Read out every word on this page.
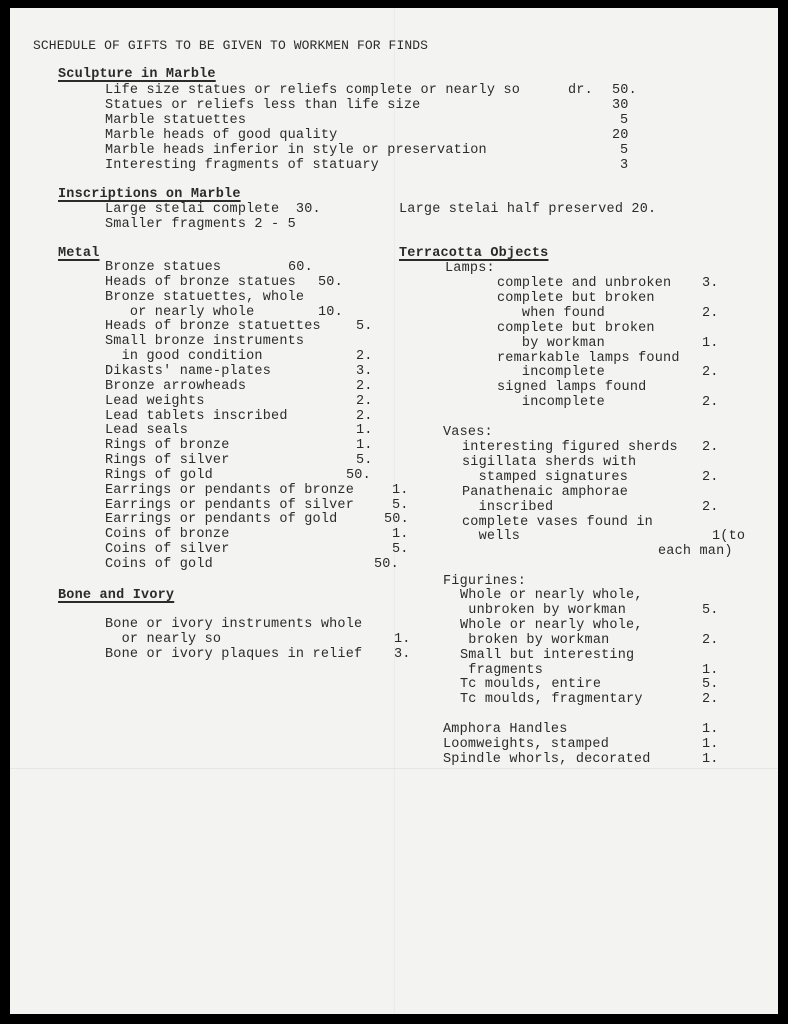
SCHEDULE OF GIFTS TO BE GIVEN TO WORKMEN FOR FINDS
Sculpture in Marble
Life size statues or reliefs complete or nearly so	dr. 50.
Statues or reliefs less than life size	30
Marble statuettes	5
Marble heads of good quality	20
Marble heads inferior in style or preservation	5
Interesting fragments of statuary	3
Inscriptions on Marble
Large stelai complete  30.	Large stelai half preserved 20.
Smaller fragments 2 - 5
Metal
Bronze statues	60.
Heads of bronze statues 50.
Bronze statuettes, whole
or nearly whole	10.
Heads of bronze statuettes	5.
Small bronze instruments
in good condition	2.
Dikasts' name-plates	3.
Bronze arrowheads	2.
Lead weights	2.
Lead tablets inscribed	2.
Lead seals	1.
Rings of bronze	1.
Rings of silver	5.
Rings of gold	50.
Earrings or pendants of bronze	1.
Earrings or pendants of silver	5.
Earrings or pendants of gold	50.
Coins of bronze	1.
Coins of silver	5.
Coins of gold	50.
Bone and Ivory
Bone or ivory instruments whole
or nearly so	1.
Bone or ivory plaques in relief 3.
Terracotta Objects
Lamps:
complete and unbroken 3.
complete but broken
when found	2.
complete but broken
by workman	1.
remarkable lamps found
incomplete	2.
signed lamps found
incomplete	2.
Vases:
interesting figured sherds 2.
sigillata sherds with
stamped signatures	2.
Panathenaic amphorae
inscribed	2.
complete vases found in
wells	1(to
each man)
Figurines:
Whole or nearly whole,
unbroken by workman	5.
Whole or nearly whole,
broken by workman	2.
Small but interesting
fragments	1.
Tc moulds, entire	5.
Tc moulds, fragmentary	2.
Amphora Handles	1.
Loomweights, stamped	1.
Spindle whorls, decorated	1.
